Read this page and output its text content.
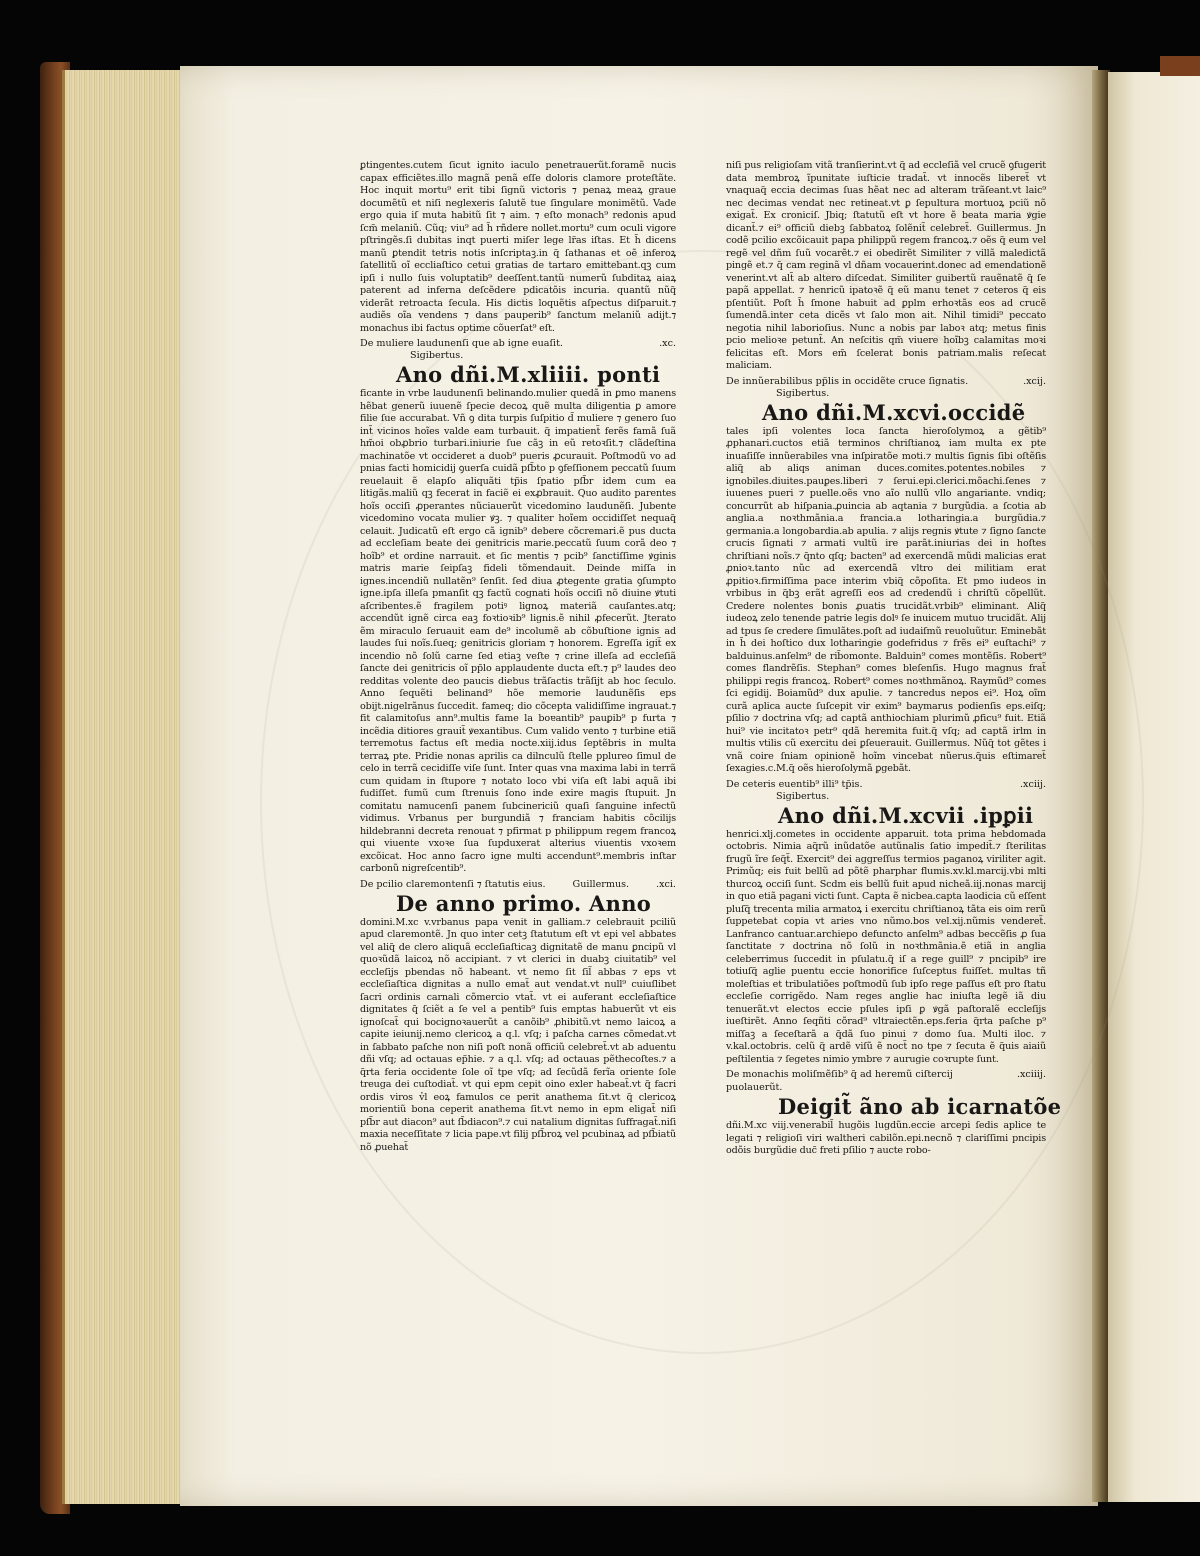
ꝑtingentes.cutem ſicut ignito iaculo penetrauerũt.foramẽ nucis capax efficiẽtes.illo magnã penã eſſe doloris clamore proteſtãte. Hoc inquit mortu⁹ erit tibi ſignũ victoris ⁊ penaꝝ meaꝝ graue documẽtũ et niſi neglexeris ſalutẽ tue ſingulare monimẽtũ. Vade ergo quia iſ muta habitũ ſit ⁊ aim. ⁊ eſto monach⁹ redonis apud ſcm̃ melaniũ. Cũq; viu⁹ ad h̃ rñdere nollet.mortu⁹ cum oculi vigore pſtringẽs.ſi dubitas inqt puerti miſer lege lr̃as iſtas. Et h̃ dicens manũ ꝑtendit tetris notis inſcriptaꝫ.in q̃ ſathanas et oẽ inferoꝝ ſatellitũ oĩ eccliaſtico cetui gratias de tartaro emittebant.qꝫ cum ipſi i nullo ſuis voluptatib⁹ deeſſent.tantũ numerũ ſubditaꝝ aiaꝝ paterent ad inferna deſcẽdere pdicatõis incuria. quantũ nũq̃ viderãt retroacta ſecula. His dictis loquẽtis aſpectus diſparuit.⁊ audiẽs oĩa vendens ⁊ dans pauperib⁹ ſanctum melaniũ adijt.⁊ monachus ibi factus optime cõuerſat⁹ eſt.

De muliere laudunenſi que ab igne euaſit.	.xc.
Sigibertus.
Ano dñi.M.xliiii. ponti

ficante in vrbe laudunenſi belinando.mulier quedã in ꝑmo manens hẽbat generũ iuuenẽ ſpecie decoꝝ quẽ multa diligentia ꝑ amore filie ſue accurabat. Vñ ꝯ dita turpis ſuſpitio d̃ muliere ⁊ genero ſuo int̃ vicinos hoĩes valde eam turbauit. q̃ impatient̃ ferẽs famã ſuã hm̃oi obꝓbrio turbari.iniurie ſue cãꝫ in eũ retoꝛſit.⁊ clãdeſtina machinatõe vt occideret a duob⁹ pueris ꝓcurauit. Poſtmodũ vo ad pnias facti homicidij ꝯuerſa cuidã pſb̃to p ꝯfeſſionem peccatũ ſuum reuelauit ẽ elapſo aliquãti tp̃is ſpatio pſb̃r idem cum ea litigãs.maliũ qꝫ fecerat in faciẽ ei exꝓbrauit. Quo audito parentes hoĩs occiſi ꝓperantes nũciauerũt vicedomino laudunẽſi. Jubente vicedomino vocata mulier ꝟꝫ. ⁊ qualiter hoĩem occidiſſet nequaq̃ celauit. Judicatũ eſt ergo cã ignib⁹ debere cõcremari.ẽ pus ducta ad eccleſiam beate dei genitricis marie.peccatũ ſuum corã deo ⁊ hoĩb⁹ et ordine narrauit. et ſic mentis ⁊ pcib⁹ ſanctiſſime ꝟginis matris marie ſeipſaꝫ fideli tõmendauit. Deinde miſſa in ignes.incendiũ nullatẽn⁹ ſenſit. ſed diua ꝓtegente gratia ꝯſumpto igne.ipſa illeſa pmanſit qꝫ factũ cognati hoĩs occiſi nõ diuine ꝟtuti aſcribentes.ẽ fragilem potiꝰ lignoꝝ materiã cauſantes.atq; accendũt ignẽ circa eaꝫ foꝛtioꝛib⁹ lignis.ẽ nihil ꝓfecerũt. Jterato ẽm miraculo ſeruauit eam de⁹ incolumẽ ab cõbuſtione ignis ad laudes ſui noĩs.ſueq; genitricis gloriam ⁊ honorem. Egreſſa igit̃ ex incendio nõ ſolũ carne ſed etiaꝫ veſte ⁊ crine illeſa ad eccleſiã ſancte dei genitricis oĩ pp̃lo applaudente ducta eſt.⁊ p⁹ laudes deo redditas volente deo paucis diebus trãſactis trãſijt ab hoc ſeculo. Anno ſequẽti belinand⁹ hõe memorie laudunẽſis eps obijt.nigelrãnus ſuccedit. fameq; dio cõcepta validiſſime ingrauat.⁊ fit calamitoſus ann⁹.multis fame la boɐantib⁹ pauꝑib⁹ p furta ⁊ incẽdia ditiores grauit̃ ꝟexantibus. Cum valido vento ⁊ turbine etiã terremotus factus eſt media nocte.xiij.idus ſeptẽbris in multa terraꝝ pte. Pridie nonas aprilis ca dilnculũ ſtelle pplureo ſimul de celo in terrã cecidiſſe viſe ſunt. Inter quas vna maxima labi in terrã cum quidam in ſtupore ⁊ notato loco vbi viſa eſt labi aquã ibi fudiſſet. fumũ cum ſtrenuis ſono inde exire magis ſtupuit. Jn comitatu namucenſi panem ſubcinericiũ quaſi ſanguine infectũ vidimus. Vrbanus per burgundiã ⁊ franciam habitis cõcilijs hildebranni decreta renouat ⁊ pfirmat p philippum regem francoꝝ qui viuente vxoꝛe ſua ſupduxerat alterius viuentis vxoꝛem excõicat. Hoc anno ſacro igne multi accendunt⁹.membris inſtar carbonũ nigreſcentib⁹.

De pcilio claremontenſi ⁊ ſtatutis eius.	Guillermus.	.xci.
De anno primo. Anno

domini.M.xc v.vrbanus papa venit in galliam.⁊ celebrauit pciliũ apud claremontẽ. Jn quo inter cetꝫ ſtatutum eſt vt epi vel abbates vel aliq̃ de clero aliquã eccleſiaſticaꝫ dignitatẽ de manu ꝑncipũ vl quoꝛũdã laicoꝝ nõ accipiant. ⁊ vt clerici in duabꝫ ciuitatib⁹ vel eccleſijs pbendas nõ habeant. vt nemo ſit ſil̃ abbas ⁊ eps vt eccleſiaſtica dignitas a nullo emat̃ aut vendat.vt null⁹ cuiuſlibet ſacri ordinis carnali cõmercio vtat̃. vt ei auferant eccleſiaſtice dignitates q̃ ſciẽt a ſe vel a pentib⁹ ſuis emptas habuerũt vt eis ignoſcat̃ qui bocignoꝛauerũt a canõib⁹ ꝓhibitũ.vt nemo laicoꝝ a capite ieiunij.nemo clericoꝝ a q.l. vſq; i paſcha carnes cõmedat.vt in ſabbato paſche non niſi poſt nonã officiũ celebret̃.vt ab aduentu dñi vſq; ad octauas ep̃hie. ⁊ a q.l. vſq; ad octauas pẽthecoſtes.⁊ a q̃rta feria occidente ſole oĩ tpe vſq; ad ſecũdã ferĩa oriente ſole treuga dei cuſtodiat̃. vt qui epm cepit oino exler habeat̃.vt q̃ facri ordis viros v̓l eoꝝ famulos ce perit anathema ſit.vt q̃ clericoꝝ morientiũ bona ceperit anathema ſit.vt nemo in epm eligat̃ niſi pſb̃r aut diacon⁹ aut ſb̃diacon⁹.⁊ cui natalium dignitas ſuffragat̃.niſi maxia neceſſitate ⁊ licia pape.vt filij pſb̃roꝝ vel pcubinaꝝ ad pſb̃iatũ nõ ꝓuehat̃

niſi pus religioſam vitã tranſierint.vt q̃ ad eccleſiã vel crucẽ ꝯfugerit data membroꝝ ĩpunitate iuſticie tradat̃. vt innocẽs liberet̃ vt vnaquaq̃ eccia decimas ſuas hẽat nec ad alteram trãſeant.vt laic⁹ nec decimas vendat nec retineat.vt ꝑ ſepultura mortuoꝝ pciũ nõ exigat̃. Ex croniciſ. Jbiq; ſtatutũ eſt vt hore ẽ beata maria ꝟgie dicant̃.⁊ ei⁹ officiũ diebꝫ ſabbatoꝝ ſolẽnit̃ celebret̃. Guillermus. Jn codẽ pcilio excõicauit papa philippũ regem francoꝝ.⁊ oẽs q̃ eum vel regẽ vel dñm ſuũ vocarẽt.⁊ ei obedirẽt Similiter ⁊ villã maledictã pingẽ et.⁊ q̃ cam reginã vl dñam vocauerint.donec ad emendationẽ venerint.vt alt̃ ab altero diſcedat. Similiter guibertũ rauẽnatẽ q̃ ſe papã appellat. ⁊ henricũ ipatoꝛẽ q̃ eũ manu tenet ⁊ ceteros q̃ eis pſentiũt. Poſt h̃ ſmone habuit ad ꝑplm erhoꝛtãs eos ad crucẽ ſumendã.inter ceta dicẽs vt ſalo mon ait. Nihil timidi⁹ peccato negotia nihil laborioſius. Nunc a nobis par laboꝛ atq; metus finis pcio melioꝛe petunt̃. An neſcitis qm̃ viuere hoĩbꝫ calamitas moꝛi felicitas eſt. Mors em̃ ſcelerat bonis patriam.malis reſecat maliciam.

De innũerabilibus pp̃lis in occidẽte cruce ſignatis.	.xcij.
Sigibertus.
Ano dñi.M.xcvi.occidẽ

tales ipſi volentes loca ſancta hieroſolymoꝝ a gẽtib⁹ ꝓphanari.cuctos etiã terminos chriſtianoꝝ iam multa ex pte inuaſiſſe innũerabiles vna inſpiratõe moti.⁊ multis ſignis ſibi oſtẽſis aliq̃ ab aliqs animan duces.comites.potentes.nobiles ⁊ ignobiles.diuites.pauꝑes.liberi ⁊ ſerui.epi.clerici.mõachi.ſenes ⁊ iuuenes pueri ⁊ puelle.oẽs vno aĩo nullũ vllo angariante. vndiq; concurrũt ab hiſpania.ꝓuincia ab aqtania ⁊ burgũdia. a ſcotia ab anglia.a noꝛthmãnia.a francia.a lotharingia.a burgũdia.⁊ germania.a longobardia.ab apulia. ⁊ alijs regnis ꝟtute ⁊ ſigno ſancte crucis ſignati ⁊ armati vultũ ire parãt.iniurias dei in hoſtes chriſtiani noĩs.⁊ q̃nto qſq; bacten⁹ ad exercendã mũdi malicias erat ꝓnioꝛ.tanto nũc ad exercendã vltro dei militiam erat ꝓpitioꝛ.firmiſſima pace interim vbiq̃ cõpoſita. Et pmo iudeos in vrbibus in q̃bꝫ erãt agreſſi eos ad credendũ i chriſtũ cõpellũt. Credere nolentes bonis ꝓuatis trucidãt.vrbib⁹ eliminant. Aliq̃ iudeoꝝ zelo tenende patrie legis dolꝰ ſe inuicem mutuo trucidãt. Alij ad tpus ſe credere ſimulãtes.poſt ad iudaiſmũ reuoluũtur. Eminebãt in h̃ dei hoſtico dux lotharingie godefridus ⁊ frẽs ei⁹ euſtachi⁹ ⁊ balduinus.anſelm⁹ de rib̃omonte. Balduin⁹ comes montẽſis. Robert⁹ comes flandrẽſis. Stephan⁹ comes bleſenſis. Hugo magnus frat̃ philippi regis francoꝝ. Robert⁹ comes noꝛthmãnoꝝ. Raymũd⁹ comes ſci egidij. Boiamũd⁹ dux apulie. ⁊ tancredus nepos ei⁹. Hoꝝ oĩm curã aplica aucte ſuſcepit vir exim⁹ baymarus podienſis eps.eiſq; pſilio ⁊ doctrina vſq; ad captã anthiochiam plurimũ ꝓficu⁹ fuit. Etiã hui⁹ vie incitatoꝛ petr⁹ qdã heremita fuit.q̃ vſq; ad captã irlm in multis vtilis cũ exercitu dei ꝑſeuerauit. Guillermus. Nũq̃ tot gẽtes i vnã coire ſniam opinionẽ hoĩm vincebat nũerus.q̃uis eſtimaret̃ ſexagies.c.M.q̃ oẽs hieroſolymã ꝑgebãt.

De ceteris euentib⁹ illi⁹ tp̃is.	.xciij.
Sigibertus.
Ano dñi.M.xcvii .ipꝑii

henrici.xlj.cometes in occidente apparuit. tota prima hebdomada octobris. Nimia aq̃rũ inũdatõe autũnalis ſatio impedit̃.⁊ ſterilitas frugũ ĩre ſeq̃t̃. Exercit⁹ dei aggreſſus termios paganoꝝ viriliter agit. Primũq; eis fuit bellũ ad põtẽ pharphar flumis.xv.kl.marcij.vbi mlti thurcoꝝ occiſi ſunt. Scdm eis bellũ fuit apud nicheã.iij.nonas marcij in quo etiã pagani victi ſunt. Capta ẽ nicbea.capta laodicia cũ eſſent pluſq̃ trecenta milia armatoꝝ i exercitu chriſtianoꝝ tãta eis oim rerũ ſuppetebat copia vt aries vno nũmo.bos vel.xij.nũmis venderet̃. Lanfranco cantuar.archiepo defuncto anſelm⁹ adbas beccẽſis ꝓ ſua ſanctitate ⁊ doctrina nõ ſolũ in noꝛthmãnia.ẽ etiã in anglia celeberrimus ſuccedit in pſulatu.q̃ iſ a rege guill⁹ ⁊ pncipib⁹ ire totiuſq̃ aglie puentu eccie honorifice ſuſceptus fuiſſet. multas tñ moleſtias et tribulatiões poſtmodũ ſub ipſo rege paſſus eſt pro ſtatu eccleſie corrigẽdo. Nam reges anglie hac iniuſta legẽ iã diu tenuerãt.vt electos eccie pſules ipſi ꝑ ꝟgã paſtoralẽ eccleſijs iueſtirẽt. Anno ſeqñti cõrad⁹ vltraiectẽn.eps.feria q̃rta paſche p⁹ miſſaꝫ a ſeceſtarã a q̃dã ſuo pinui ⁊ domo ſua. Multi iloc. ⁊ v.kal.octobris. celũ q̃ ardẽ viſũ ẽ noct̃ no tpe ⁊ ſecuta ẽ q̃uis aiaiũ peſtilentia ⁊ ſegetes nimio ymbre ⁊ aurugie coꝛrupte ſunt.

De monachis moliſmẽſib⁹ q̃ ad heremũ ciſtercij puolauerũt.
.xciiij.
Deigit̃ ãno ab icarnatõe

dñi.M.xc viij.venerabil̃ hugõis lugdũn.eccie arcepi ſedis aplice te legati ⁊ religioſi viri waltheri cabilõn.epi.necnõ ⁊ clariſſimi pncipis odõis burgũdie duc̃ freti pſilio ⁊ aucte robo-
